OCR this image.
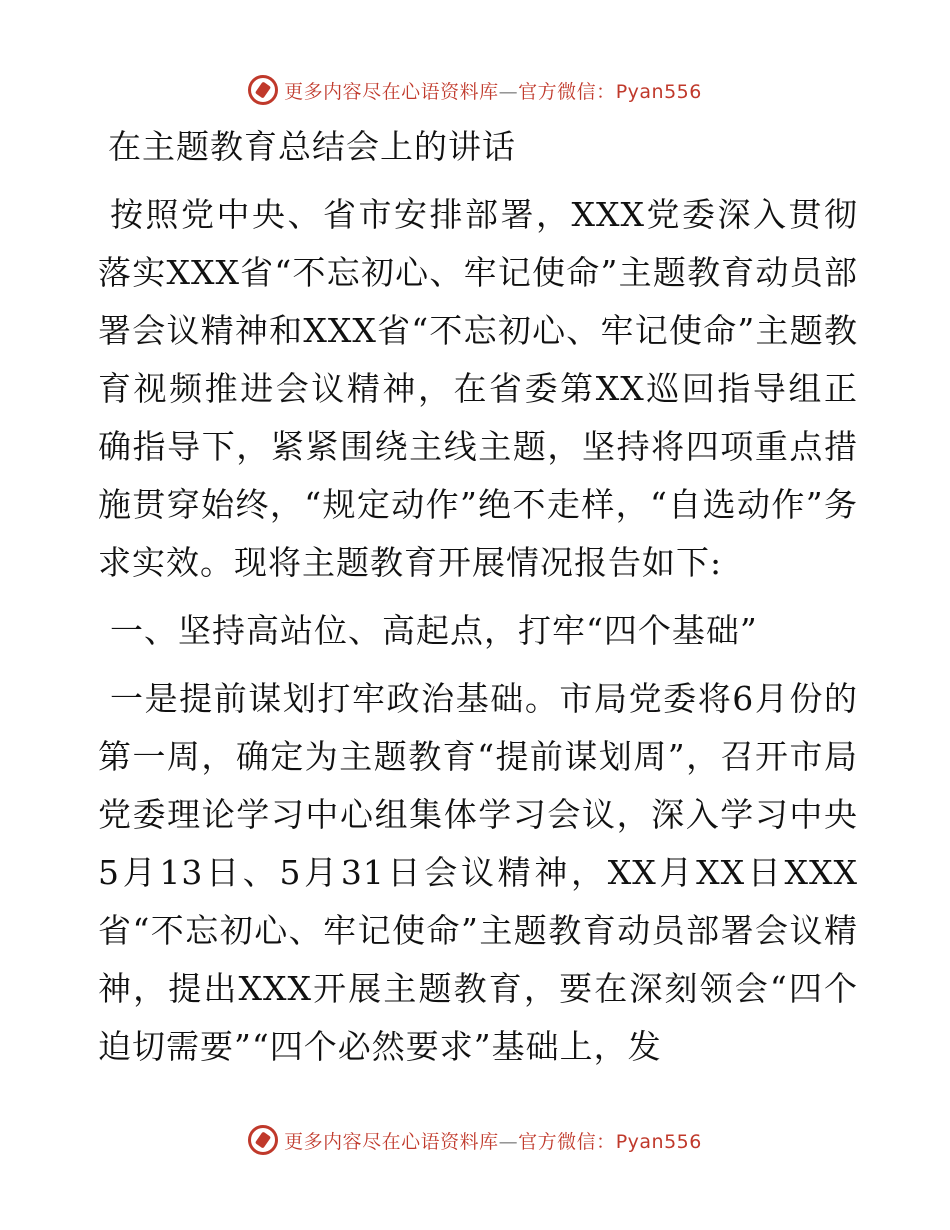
更多内容尽在心语资料库—官方微信：Pyan556

在主题教育总结会上的讲话

按照党中央、省市安排部署，XXX党委深入贯彻落实XXX省“不忘初心、牢记使命”主题教育动员部署会议精神和XXX省“不忘初心、牢记使命”主题教育视频推进会议精神，在省委第XX巡回指导组正确指导下，紧紧围绕主线主题，坚持将四项重点措施贯穿始终，“规定动作”绝不走样，“自选动作”务求实效。现将主题教育开展情况报告如下:

一、坚持高站位、高起点，打牢“四个基础”

一是提前谋划打牢政治基础。市局党委将6月份的第一周，确定为主题教育“提前谋划周”，召开市局党委理论学习中心组集体学习会议，深入学习中央5月13日、5月31日会议精神，XX月XX日XXX省“不忘初心、牢记使命”主题教育动员部署会议精神，提出XXX开展主题教育，要在深刻领会“四个迫切需要”“四个必然要求”基础上，发

更多内容尽在心语资料库—官方微信：Pyan556
